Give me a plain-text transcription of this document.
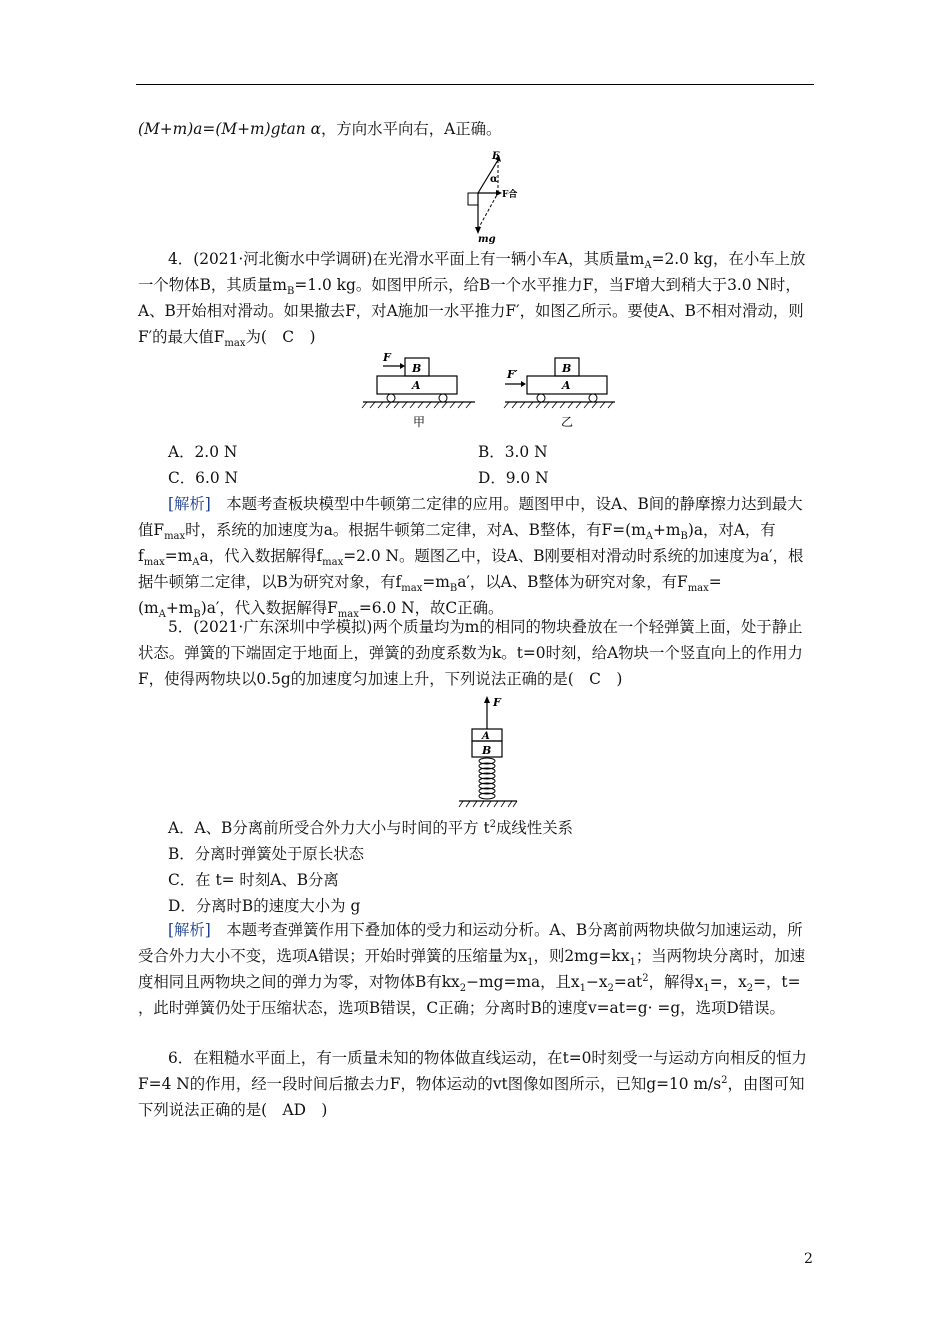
(M+m)a=(M+m)gtan α，方向水平向右，A正确。

F
α
F合
mg

4．(2021·河北衡水中学调研)在光滑水平面上有一辆小车A，其质量$m_A=2.0$ kg，在小车上放一个物体B，其质量$m_B=1.0$ kg。如图甲所示，给B一个水平推力F，当F增大到稍大于3.0 N时，A、B开始相对滑动。如果撤去F，对A施加一水平推力F′，如图乙所示。要使A、B不相对滑动，则F′的最大值$F_{max}$为(　C　)

A
B
F
甲
A
B
F′
乙
A．2.0 N	B．3.0 N
C．6.0 N	D．9.0 N

[解析]　 本题考查板块模型中牛顿第二定律的应用。题图甲中，设A、B间的静摩擦力达到最大值$F_{max}$时，系统的加速度为a。根据牛顿第二定律，对A、B整体，有$F=(m_A+m_B)a$，对A，有$f_{max}=m_Aa$，代入数据解得$f_{max}=2.0$ N。题图乙中，设A、B刚要相对滑动时系统的加速度为a′，根据牛顿第二定律，以B为研究对象，有$f_{max}=m_Ba'$，以A、B整体为研究对象，有$F_{max}=(m_A+m_B)a'$，代入数据解得$F_{max}=6.0$ N，故C正确。

5．(2021·广东深圳中学模拟)两个质量均为m的相同的物块叠放在一个轻弹簧上面，处于静止状态。弹簧的下端固定于地面上，弹簧的劲度系数为k。t=0时刻，给A物块一个竖直向上的作用力F，使得两物块以0.5g的加速度匀加速上升，下列说法正确的是(　C　)

F
A
B
A．A、B分离前所受合外力大小与时间的平方 $t^2$成线性关系
B．分离时弹簧处于原长状态
C．在 t= 时刻A、B分离
D．分离时B的速度大小为 g

[解析]　 本题考查弹簧作用下叠加体的受力和运动分析。A、B分离前两物块做匀加速运动，所受合外力大小不变，选项A错误；开始时弹簧的压缩量为$x_1$，则$2mg=kx_1$；当两物块分离时，加速度相同且两物块之间的弹力为零，对物体B有$kx_2-mg=ma$，且$x_1-x_2=at^2$，解得$x_1=$，$x_2=$，t= ，此时弹簧仍处于压缩状态，选项B错误，C正确；分离时B的速度v=at=g· =g，选项D错误。

6．在粗糙水平面上，有一质量未知的物体做直线运动，在t=0时刻受一与运动方向相反的恒力F=4 N的作用，经一段时间后撤去力F，物体运动的vt图像如图所示，已知g=10 $m/s^2$，由图可知下列说法正确的是(　AD　)

2
